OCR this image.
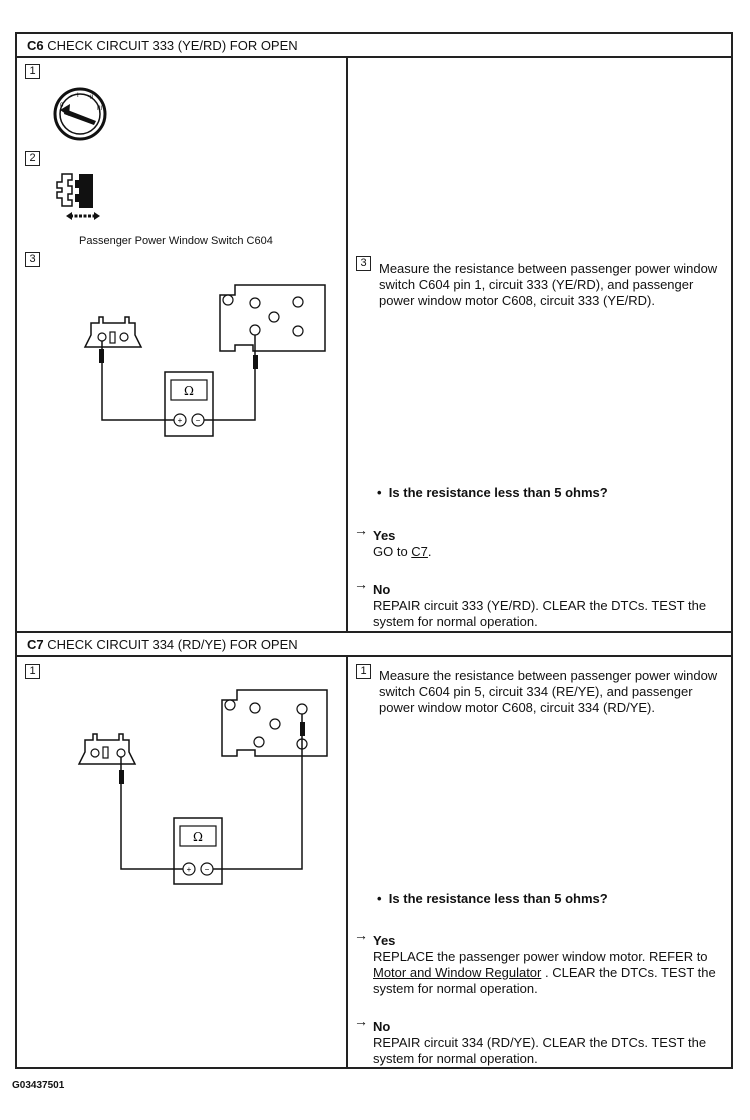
C6 CHECK CIRCUIT 333 (YE/RD) FOR OPEN
1
2
3
0
I II
III
Passenger Power Window Switch C604
Ω
+ −
3 Measure the resistance between passenger power window switch C604 pin 1, circuit 333 (YE/RD), and passenger power window motor C608, circuit 333 (YE/RD).
• Is the resistance less than 5 ohms?
→ Yes
GO to C7.
→ No
REPAIR circuit 333 (YE/RD). CLEAR the DTCs. TEST the system for normal operation.
C7 CHECK CIRCUIT 334 (RD/YE) FOR OPEN
1
Ω
+ −
1 Measure the resistance between passenger power window switch C604 pin 5, circuit 334 (RE/YE), and passenger power window motor C608, circuit 334 (RD/YE).
• Is the resistance less than 5 ohms?
→ Yes
REPLACE the passenger power window motor. REFER to Motor and Window Regulator . CLEAR the DTCs. TEST the system for normal operation.
→ No
REPAIR circuit 334 (RD/YE). CLEAR the DTCs. TEST the system for normal operation.
G03437501
